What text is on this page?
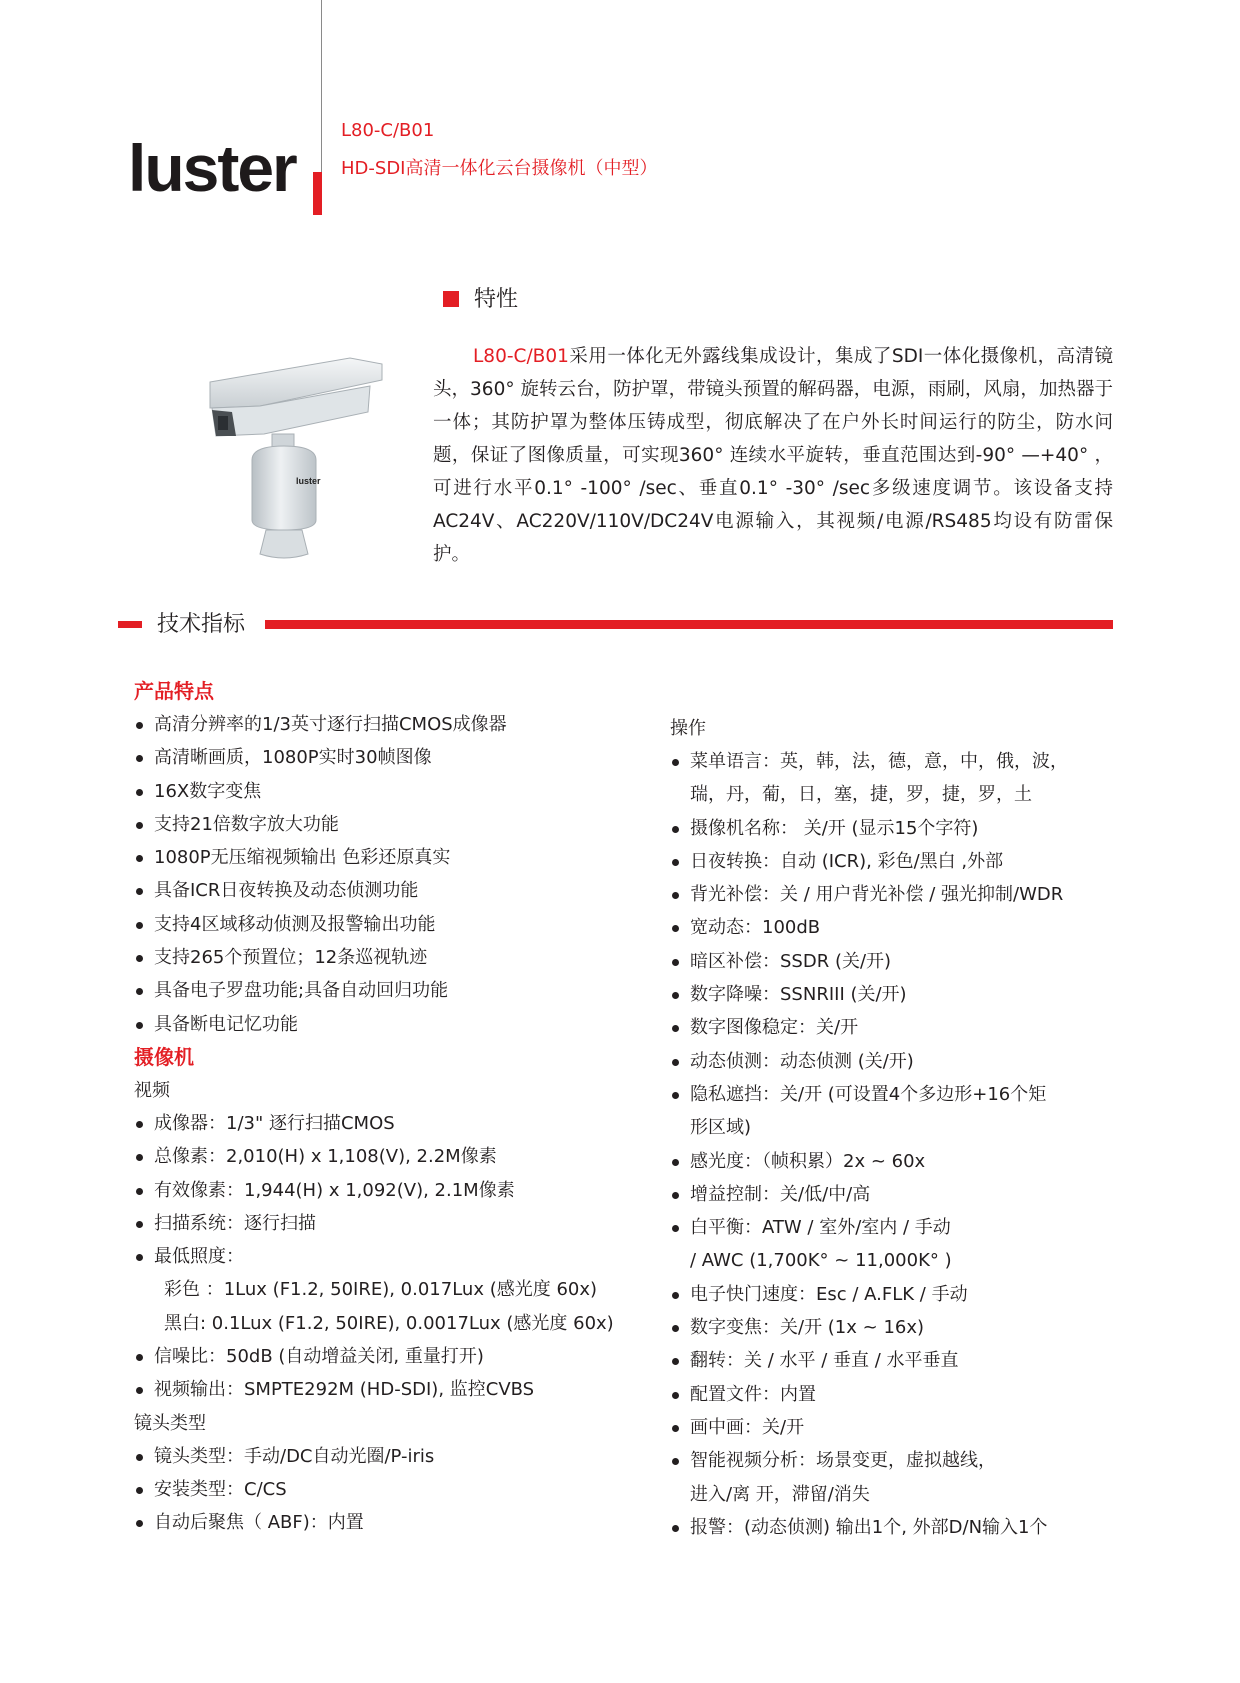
luster
L80-C/B01
HD-SDI高清一体化云台摄像机（中型）
特性
L80-C/B01采用一体化无外露线集成设计，集成了SDI一体化摄像机，高清镜头，360° 旋转云台，防护罩，带镜头预置的解码器，电源，雨刷，风扇，加热器于一体；其防护罩为整体压铸成型，彻底解决了在户外长时间运行的防尘，防水问题，保证了图像质量，可实现360° 连续水平旋转，垂直范围达到-90° —+40° ，可进行水平0.1° -100° /sec、垂直0.1° -30° /sec多级速度调节。该设备支持AC24V、AC220V/110V/DC24V电源输入，其视频/电源/RS485均设有防雷保护。
luster
技术指标
产品特点
高清分辨率的1/3英寸逐行扫描CMOS成像器
高清晰画质，1080P实时30帧图像
16X数字变焦
支持21倍数字放大功能
1080P无压缩视频输出 色彩还原真实
具备ICR日夜转换及动态侦测功能
支持4区域移动侦测及报警输出功能
支持265个预置位；12条巡视轨迹
具备电子罗盘功能;具备自动回归功能
具备断电记忆功能
摄像机
视频
成像器：1/3" 逐行扫描CMOS
总像素：2,010(H) x 1,108(V), 2.2M像素
有效像素：1,944(H) x 1,092(V), 2.1M像素
扫描系统：逐行扫描
最低照度：
彩色 ：1Lux (F1.2, 50IRE), 0.017Lux (感光度 60x)
黑白: 0.1Lux (F1.2, 50IRE), 0.0017Lux (感光度 60x)
信噪比：50dB (自动增益关闭, 重量打开)
视频输出：SMPTE292M (HD-SDI), 监控CVBS
镜头类型
镜头类型：手动/DC自动光圈/P-iris
安装类型：C/CS
自动后聚焦（ ABF)：内置
操作
菜单语言：英，韩，法，德，意，中，俄，波，
瑞，丹，葡，日，塞，捷，罗，捷，罗，土
摄像机名称： 关/开 (显示15个字符)
日夜转换：自动 (ICR), 彩色/黑白 ,外部
背光补偿：关 / 用户背光补偿 / 强光抑制/WDR
宽动态：100dB
暗区补偿：SSDR (关/开)
数字降噪：SSNRIII (关/开)
数字图像稳定：关/开
动态侦测：动态侦测 (关/开)
隐私遮挡：关/开 (可设置4个多边形+16个矩
形区域)
感光度：（帧积累）2x ~ 60x
增益控制：关/低/中/高
白平衡：ATW / 室外/室内 / 手动
/ AWC (1,700K° ~ 11,000K° )
电子快门速度：Esc / A.FLK / 手动
数字变焦：关/开 (1x ~ 16x)
翻转：关 / 水平 / 垂直 / 水平垂直
配置文件：内置
画中画：关/开
智能视频分析：场景变更，虚拟越线，
进入/离 开，滞留/消失
报警：(动态侦测) 输出1个, 外部D/N输入1个
